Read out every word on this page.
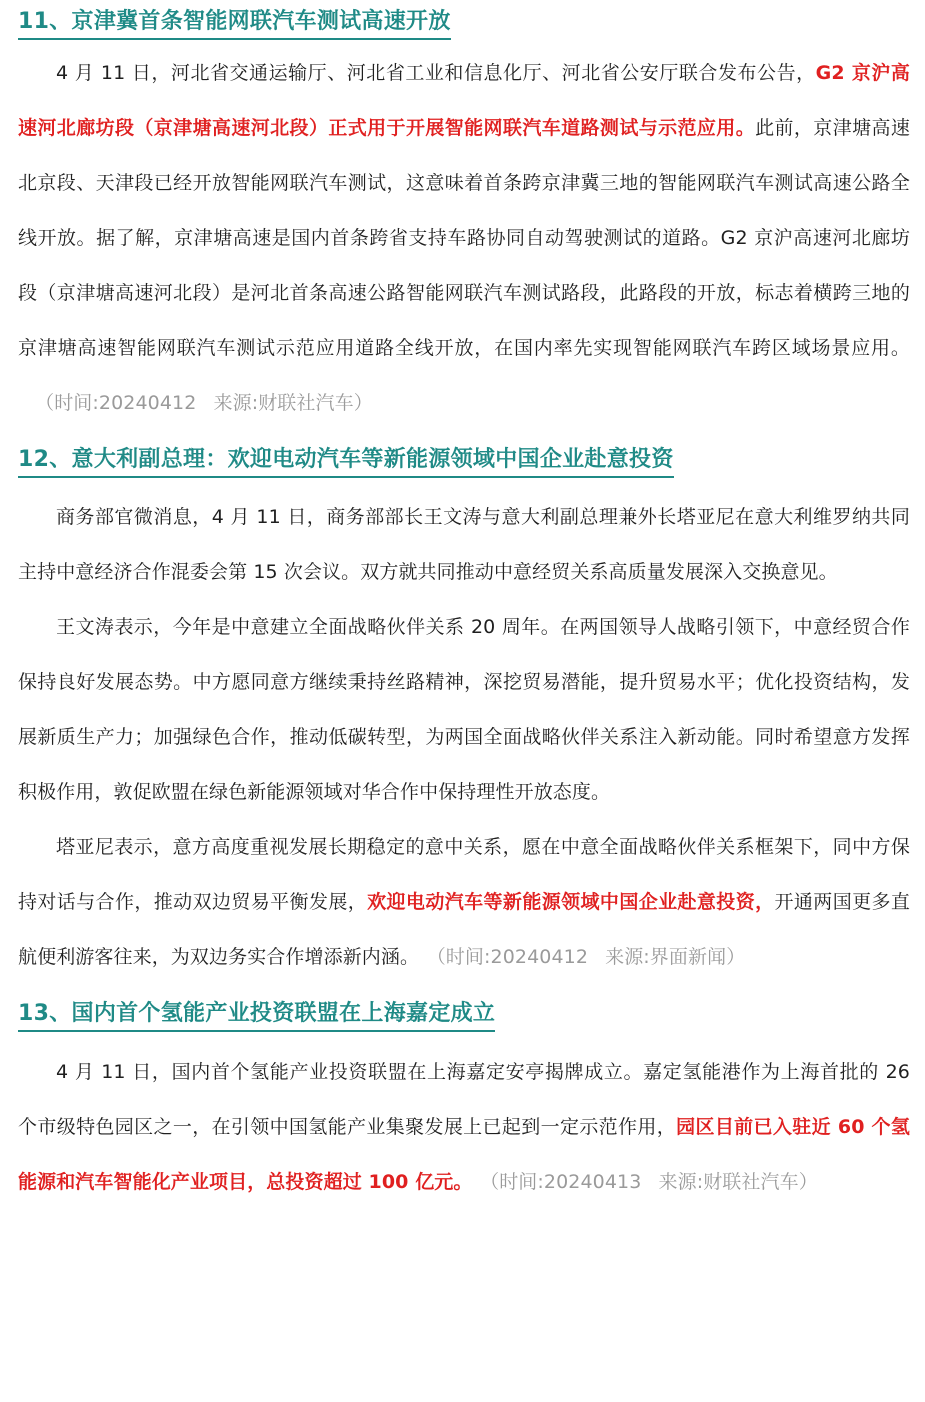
11、京津冀首条智能网联汽车测试高速开放

4 月 11 日，河北省交通运输厅、河北省工业和信息化厅、河北省公安厅联合发布公告，G2 京沪高速河北廊坊段（京津塘高速河北段）正式用于开展智能网联汽车道路测试与示范应用。此前，京津塘高速北京段、天津段已经开放智能网联汽车测试，这意味着首条跨京津冀三地的智能网联汽车测试高速公路全线开放。据了解，京津塘高速是国内首条跨省支持车路协同自动驾驶测试的道路。G2 京沪高速河北廊坊段（京津塘高速河北段）是河北首条高速公路智能网联汽车测试路段，此路段的开放，标志着横跨三地的京津塘高速智能网联汽车测试示范应用道路全线开放，在国内率先实现智能网联汽车跨区域场景应用。（时间:20240412 来源:财联社汽车）

12、意大利副总理：欢迎电动汽车等新能源领域中国企业赴意投资

商务部官微消息，4 月 11 日，商务部部长王文涛与意大利副总理兼外长塔亚尼在意大利维罗纳共同主持中意经济合作混委会第 15 次会议。双方就共同推动中意经贸关系高质量发展深入交换意见。

王文涛表示，今年是中意建立全面战略伙伴关系 20 周年。在两国领导人战略引领下，中意经贸合作保持良好发展态势。中方愿同意方继续秉持丝路精神，深挖贸易潜能，提升贸易水平；优化投资结构，发展新质生产力；加强绿色合作，推动低碳转型，为两国全面战略伙伴关系注入新动能。同时希望意方发挥积极作用，敦促欧盟在绿色新能源领域对华合作中保持理性开放态度。

塔亚尼表示，意方高度重视发展长期稳定的意中关系，愿在中意全面战略伙伴关系框架下，同中方保持对话与合作，推动双边贸易平衡发展，欢迎电动汽车等新能源领域中国企业赴意投资，开通两国更多直航便利游客往来，为双边务实合作增添新内涵。 （时间:20240412 来源:界面新闻）

13、国内首个氢能产业投资联盟在上海嘉定成立

4 月 11 日，国内首个氢能产业投资联盟在上海嘉定安亭揭牌成立。嘉定氢能港作为上海首批的 26 个市级特色园区之一，在引领中国氢能产业集聚发展上已起到一定示范作用，园区目前已入驻近 60 个氢能源和汽车智能化产业项目，总投资超过 100 亿元。 （时间:20240413 来源:财联社汽车）
